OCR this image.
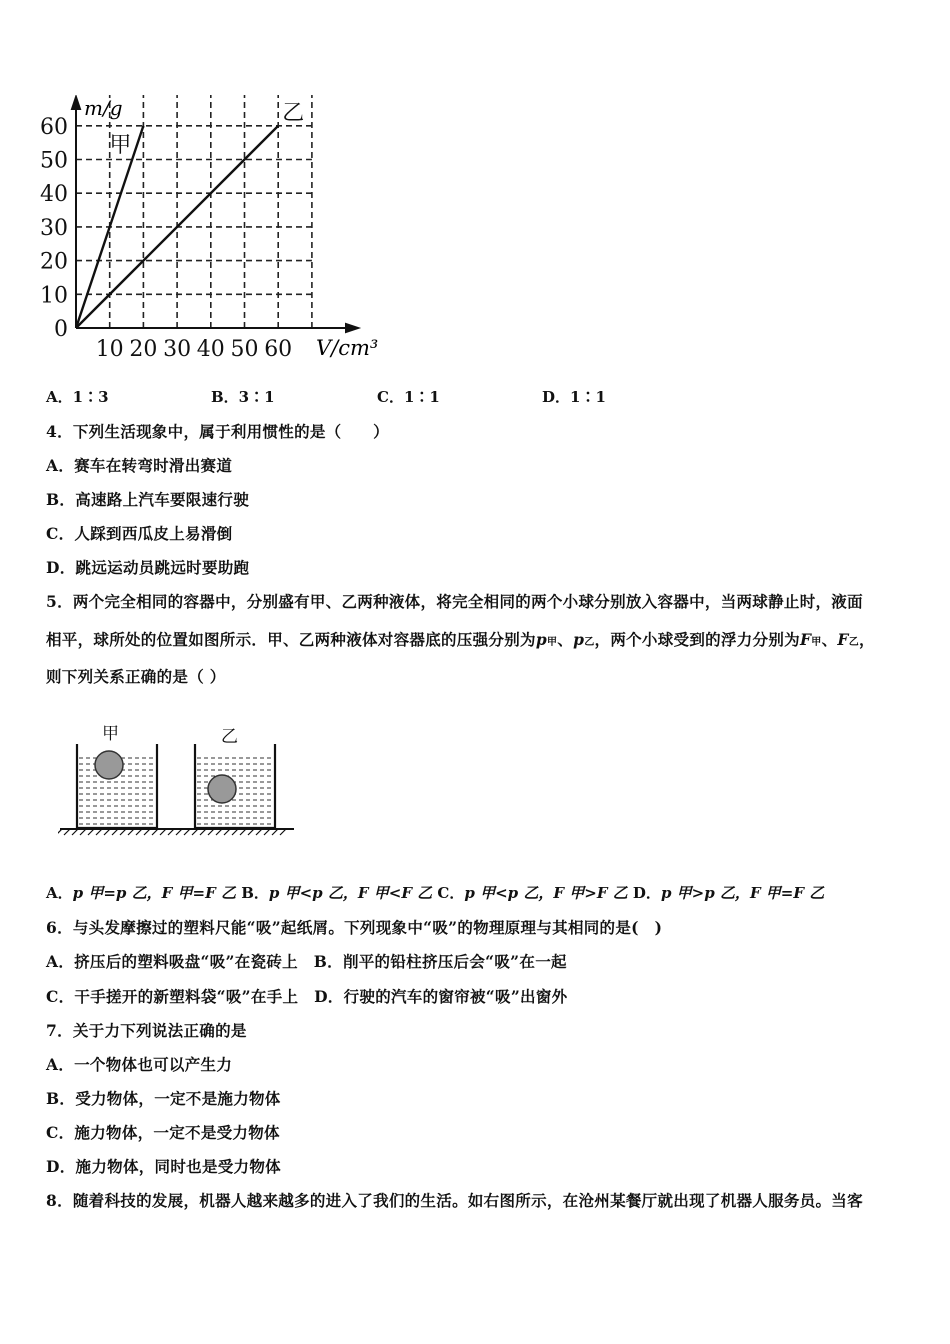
0
10
20
30
40
50
60
10 20 30 40 50 60
甲
乙
m/g
V/cm³
A．1∶3	B．3∶1	C．1∶1	D．1∶1
4．下列生活现象中，属于利用惯性的是（　　）
A．赛车在转弯时滑出赛道
B．高速路上汽车要限速行驶
C．人踩到西瓜皮上易滑倒
D．跳远运动员跳远时要助跑
5．两个完全相同的容器中，分别盛有甲、乙两种液体，将完全相同的两个小球分别放入容器中，当两球静止时，液面
相平，球所处的位置如图所示．甲、乙两种液体对容器底的压强分别为p甲、p乙，两个小球受到的浮力分别为F甲、F乙，
则下列关系正确的是（ ）
甲	乙
A．p 甲=p 乙，F 甲=F 乙 B．p 甲<p 乙，F 甲<F 乙 C．p 甲<p 乙，F 甲>F 乙 D．p 甲>p 乙，F 甲=F 乙
6．与头发摩擦过的塑料尺能“吸”起纸屑。下列现象中“吸”的物理原理与其相同的是(　)
A．挤压后的塑料吸盘“吸”在瓷砖上　B．削平的铅柱挤压后会“吸”在一起
C．干手搓开的新塑料袋“吸”在手上　D．行驶的汽车的窗帘被“吸”出窗外
7．关于力下列说法正确的是
A．一个物体也可以产生力
B．受力物体，一定不是施力物体
C．施力物体，一定不是受力物体
D．施力物体，同时也是受力物体
8．随着科技的发展，机器人越来越多的进入了我们的生活。如右图所示，在沧州某餐厅就出现了机器人服务员。当客
